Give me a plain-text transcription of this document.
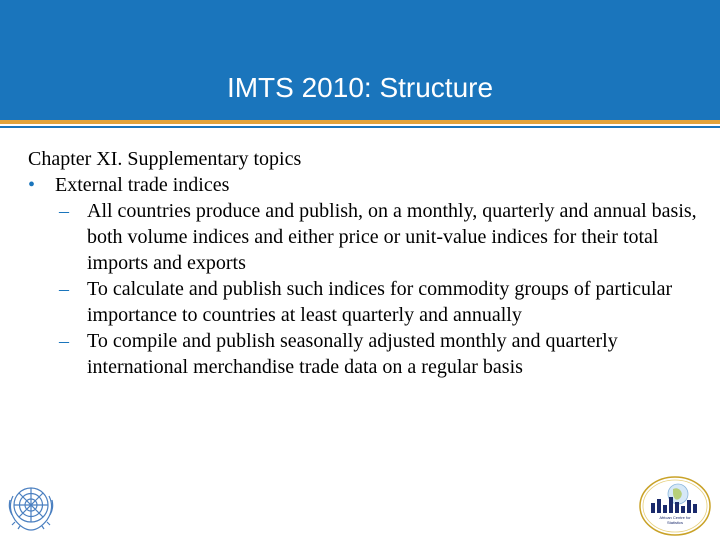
IMTS 2010: Structure
Chapter XI. Supplementary topics
• External trade indices
– All countries produce and publish, on a monthly, quarterly and annual basis, both volume indices and either price or unit-value indices for their total imports and exports
– To calculate and publish such indices for commodity groups of particular importance to countries at least quarterly and annually
– To compile and publish seasonally adjusted monthly and quarterly international merchandise trade data on a regular basis
African Centre for
Statistics
